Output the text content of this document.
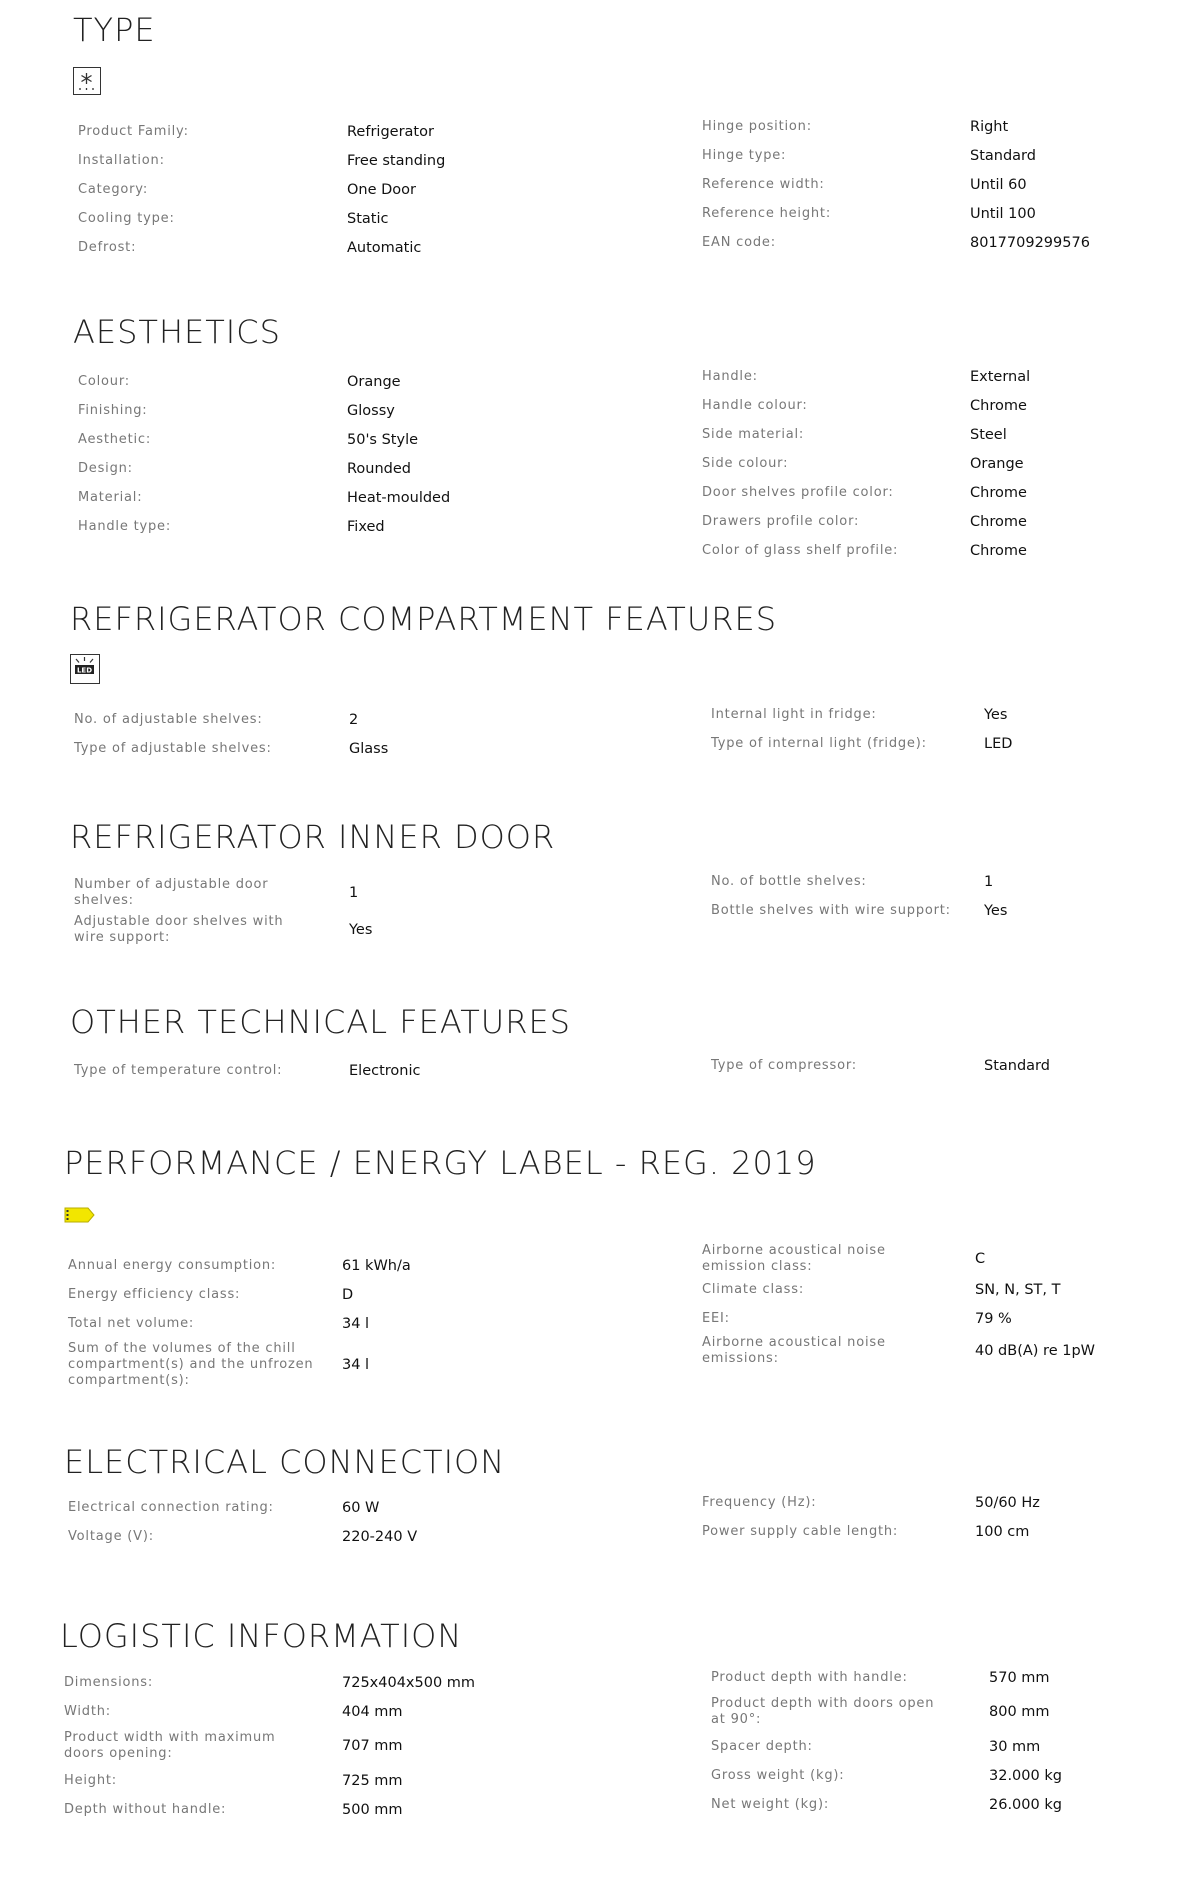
TYPE
Product Family:	Refrigerator
Installation:	Free standing
Category:	One Door
Cooling type:	Static
Defrost:	Automatic
Hinge position:	Right
Hinge type:	Standard
Reference width:	Until 60
Reference height:	Until 100
EAN code:	8017709299576
AESTHETICS
Colour:	Orange
Finishing:	Glossy
Aesthetic:	50's Style
Design:	Rounded
Material:	Heat-moulded
Handle type:	Fixed
Handle:	External
Handle colour:	Chrome
Side material:	Steel
Side colour:	Orange
Door shelves profile color:	Chrome
Drawers profile color:	Chrome
Color of glass shelf profile:	Chrome
REFRIGERATOR COMPARTMENT FEATURES
LED
No. of adjustable shelves:	2
Type of adjustable shelves:	Glass
Internal light in fridge:	Yes
Type of internal light (fridge):	LED
REFRIGERATOR INNER DOOR
Number of adjustable door shelves:	1
Adjustable door shelves with wire support:	Yes
No. of bottle shelves:	1
Bottle shelves with wire support: Yes
OTHER TECHNICAL FEATURES
Type of temperature control:	Electronic	Type of compressor:	Standard
PERFORMANCE / ENERGY LABEL - REG. 2019
Annual energy consumption:	61 kWh/a
Energy efficiency class:	D
Total net volume:	34 l
Sum of the volumes of the chill compartment(s) and the unfrozen compartment(s):
34 l
Airborne acoustical noise emission class:	C
Climate class:	SN, N, ST, T
EEI:	79 %
Airborne acoustical noise emissions:	40 dB(A) re 1pW
ELECTRICAL CONNECTION
Electrical connection rating:	60 W
Voltage (V):	220-240 V
Frequency (Hz):	50/60 Hz
Power supply cable length:	100 cm
LOGISTIC INFORMATION
Dimensions:	725x404x500 mm
Width:	404 mm
Product width with maximum doors opening:	707 mm
Height:	725 mm
Depth without handle:	500 mm
Product depth with handle:	570 mm
Product depth with doors open at 90°:	800 mm
Spacer depth:	30 mm
Gross weight (kg):	32.000 kg
Net weight (kg):	26.000 kg
